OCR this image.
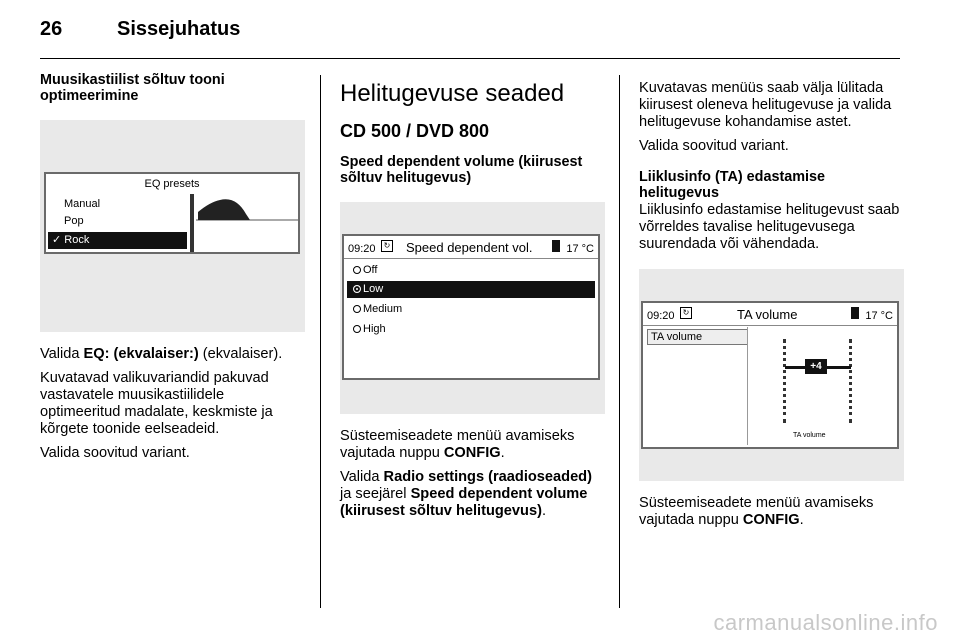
26	Sissejuhatus
Muusikastiilist sõltuv tooni optimeerimine
EQ presets
Manual
Pop
✓ Rock

Valida EQ: (ekvalaiser:) (ekvalaiser).

Kuvatavad valikuvariandid pakuvad vastavatele muusikastiilidele optimeeritud madalate, keskmiste ja kõrgete toonide eelseadeid.

Valida soovitud variant.

Helitugevuse seaded
CD 500 / DVD 800
Speed dependent volume (kiirusest sõltuv helitugevus)
09:20	↻ Speed dependent vol.	17 °C
Off
Low
Medium
High

Süsteemiseadete menüü avamiseks vajutada nuppu CONFIG.

Valida Radio settings (raadioseaded) ja seejärel Speed dependent volume (kiirusest sõltuv helitugevus).

Kuvatavas menüüs saab välja lülitada kiirusest oleneva helitugevuse ja valida helitugevuse kohandamise astet.

Valida soovitud variant.

Liiklusinfo (TA) edastamise helitugevus

Liiklusinfo edastamise helitugevust saab võrreldes tavalise helitugevusega suurendada või vähendada.

09:20	↻	TA volume	17 °C
TA volume
+4
TA volume

Süsteemiseadete menüü avamiseks vajutada nuppu CONFIG.

carmanualsonline.info
